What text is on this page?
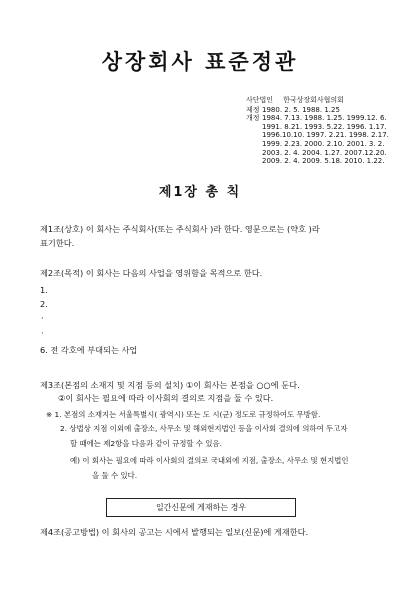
상장회사 표준정관
사단법인 한국상장회사협의회
제정 1980. 2. 5. 1988. 1.25
개정 1984. 7.13. 1988. 1.25. 1999.12. 6.
1991. 8.21. 1993. 5.22. 1996. 1.17.
1996.10.10. 1997. 2.21. 1998. 2.17.
1999. 2.23. 2000. 2.10. 2001. 3. 2.
2003. 2. 4. 2004. 1.27. 2007.12.20.
2009. 2. 4. 2009. 5.18. 2010. 1.22.
제1장 총 칙
제1조(상호) 이 회사는 주식회사(또는 주식회사 )라 한다. 영문으로는 (약호 )라
표기한다.
제2조(목적) 이 회사는 다음의 사업을 영위함을 목적으로 한다.
1.
2.
·
·
6. 전 각호에 부대되는 사업
제3조(본점의 소재지 및 지점 등의 설치) ①이 회사는 본점을 ○○에 둔다.
②이 회사는 필요에 따라 이사회의 결의로 지점을 둘 수 있다.
※ 1. 본점의 소재지는 서울특별시( 광역시) 또는 도 시(군) 정도로 규정하여도 무방함.
2. 상법상 지점 이외에 출장소, 사무소 및 해외현지법인 등을 이사회 결의에 의하여 두고자
할 때에는 제2항을 다음과 같이 규정할 수 있음.
예) 이 회사는 필요에 따라 이사회의 결의로 국내외에 지점, 출장소, 사무소 및 현지법인
을 둘 수 있다.
일간신문에 게재하는 경우
제4조(공고방법) 이 회사의 공고는 시에서 발행되는 일보(신문)에 게재한다.
